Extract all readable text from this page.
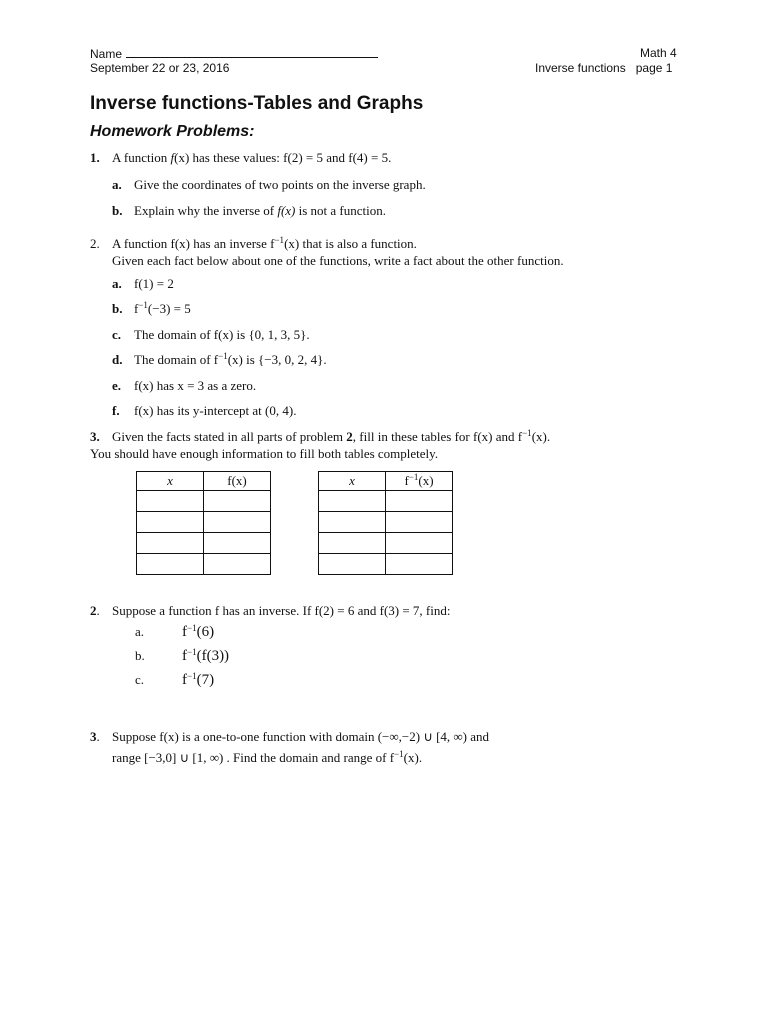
Name	Math 4
September 22 or 23, 2016	Inverse functions page 1
Inverse functions-Tables and Graphs
Homework Problems:
1. A function f(x) has these values: f(2) = 5 and f(4) = 5.
a. Give the coordinates of two points on the inverse graph.
b. Explain why the inverse of f(x) is not a function.
2. A function f(x) has an inverse $f^{-1}(x)$ that is also a function.
Given each fact below about one of the functions, write a fact about the other function.
a. f(1) = 2
b. $f^{-1}(-3) = 5$
c. The domain of f(x) is {0, 1, 3, 5}.
d. The domain of $f^{-1}(x)$ is {−3, 0, 2, 4}.
e. f(x) has x = 3 as a zero.
f. f(x) has its y-intercept at (0, 4).
3. Given the facts stated in all parts of problem 2, fill in these tables for f(x) and $f^{-1}(x)$.
You should have enough information to fill both tables completely.
x	f(x)

		x	$f^{-1}(x)$

2. Suppose a function f has an inverse. If f(2) = 6 and f(3) = 7, find:
a.	$f^{-1}(6)$
b. $f^{-1}(f(3))$
c.	$f^{-1}(7)$
3. Suppose f(x) is a one-to-one function with domain (−∞,−2) ∪ [4, ∞) and
range [−3,0] ∪ [1, ∞) . Find the domain and range of $f^{-1}(x)$.
